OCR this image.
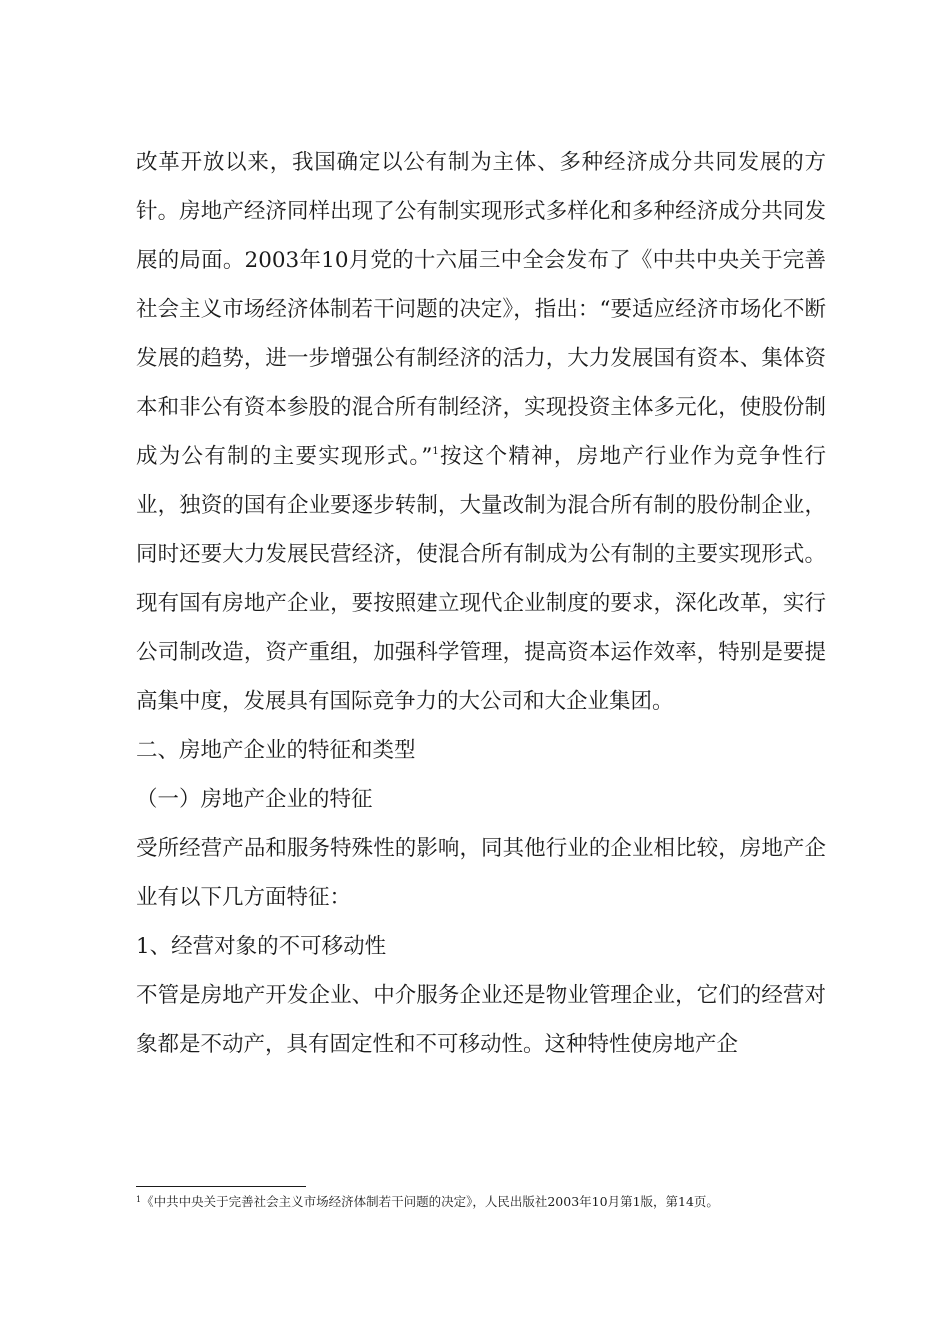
改革开放以来，我国确定以公有制为主体、多种经济成分共同发展的方针。房地产经济同样出现了公有制实现形式多样化和多种经济成分共同发展的局面。2003年10月党的十六届三中全会发布了《中共中央关于完善社会主义市场经济体制若干问题的决定》，指出：“要适应经济市场化不断发展的趋势，进一步增强公有制经济的活力，大力发展国有资本、集体资本和非公有资本参股的混合所有制经济，实现投资主体多元化，使股份制成为公有制的主要实现形式。”$^1$按这个精神，房地产行业作为竞争性行业，独资的国有企业要逐步转制，大量改制为混合所有制的股份制企业，同时还要大力发展民营经济，使混合所有制成为公有制的主要实现形式。现有国有房地产企业，要按照建立现代企业制度的要求，深化改革，实行公司制改造，资产重组，加强科学管理，提高资本运作效率，特别是要提高集中度，发展具有国际竞争力的大公司和大企业集团。

二、房地产企业的特征和类型

（一）房地产企业的特征

受所经营产品和服务特殊性的影响，同其他行业的企业相比较，房地产企业有以下几方面特征：

1、经营对象的不可移动性

不管是房地产开发企业、中介服务企业还是物业管理企业，它们的经营对象都是不动产，具有固定性和不可移动性。这种特性使房地产企

$^1$《中共中央关于完善社会主义市场经济体制若干问题的决定》，人民出版社2003年10月第1版，第14页。
